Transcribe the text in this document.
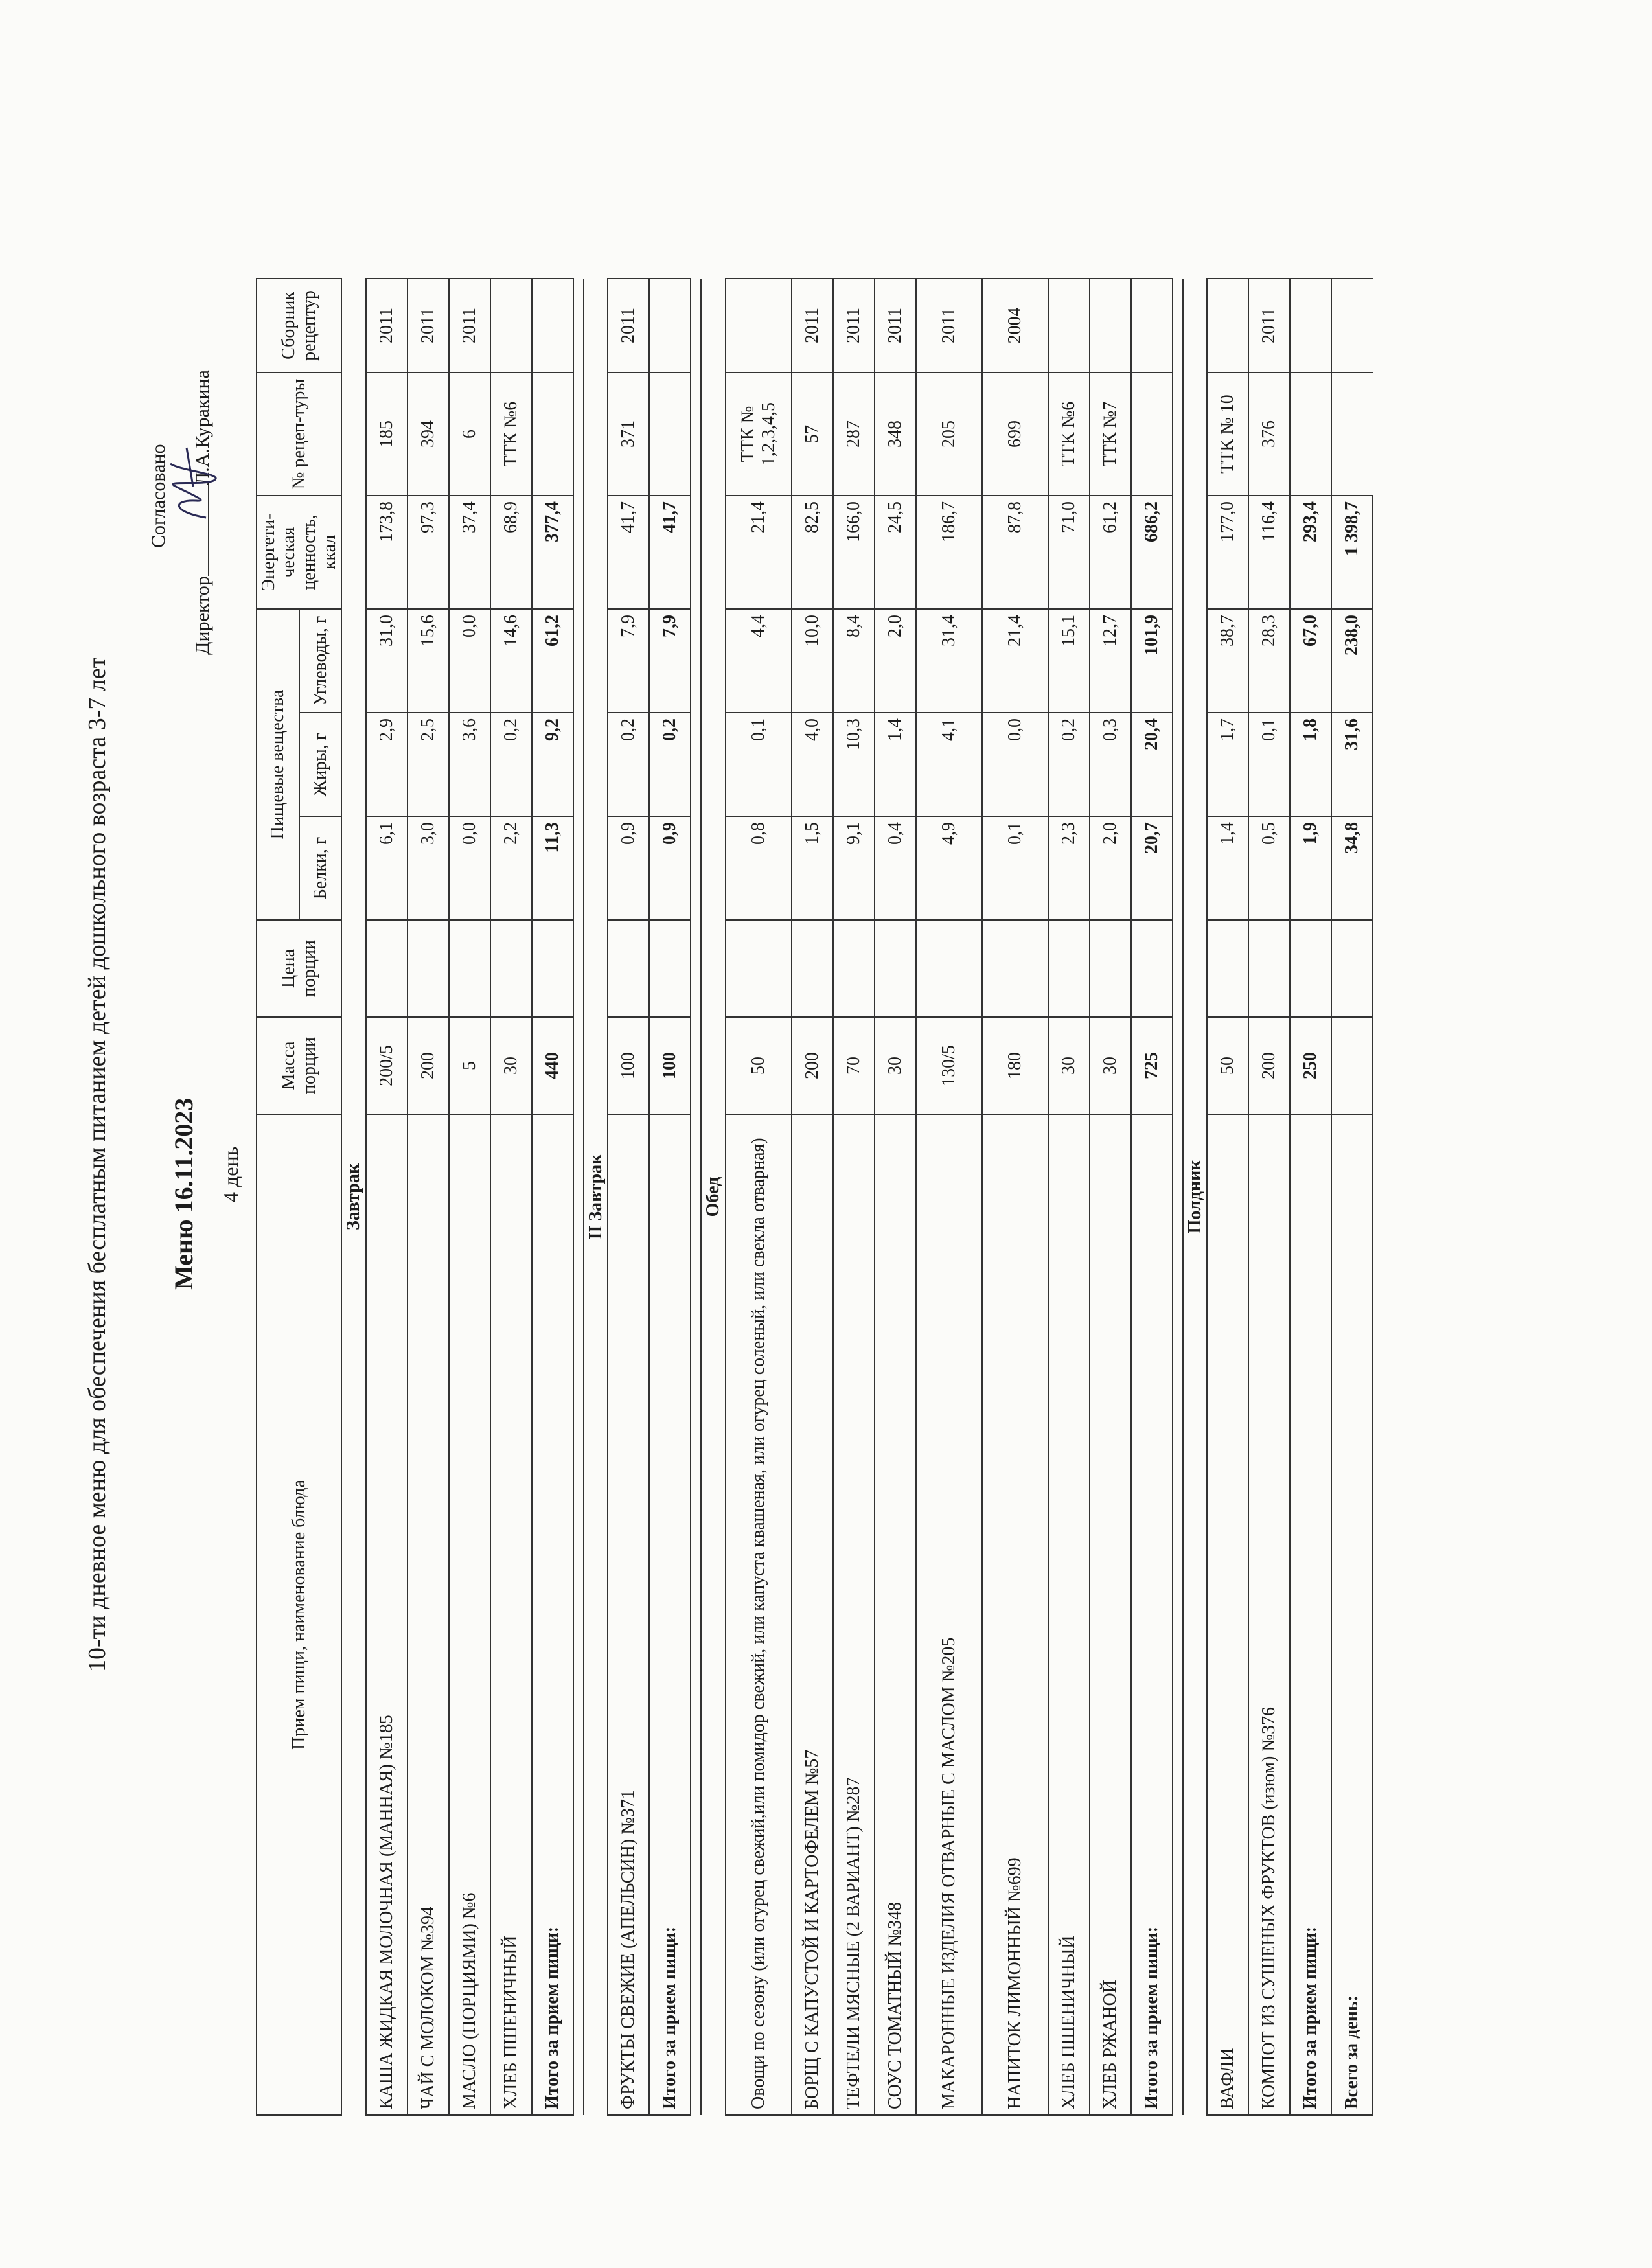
10-ти дневное меню для обеспечения бесплатным питанием детей дошкольного возраста 3-7 лет Меню 16.11.2023 4 день
Согласовано
ДиректорЛ.А.Куракина
Прием пищи, наименование блюда	Масса порции	Цена порции	Пищевые вещества			Энергети-ческая ценность, ккал	№ рецеп-туры	Сборник рецептур
			Белки, г	Жиры, г	Углеводы, г			
Завтрак								
КАША ЖИДКАЯ МОЛОЧНАЯ (МАННАЯ) №185	200/5		6,1	2,9	31,0	173,8	185	2011
ЧАЙ С МОЛОКОМ №394	200		3,0	2,5	15,6	97,3	394	2011
МАСЛО (ПОРЦИЯМИ) №6	5		0,0	3,6	0,0	37,4	6	2011
ХЛЕБ ПШЕНИЧНЫЙ	30		2,2	0,2	14,6	68,9	ТТК №6	
Итого за прием пищи:	440		11,3	9,2	61,2	377,4		

II Завтрак								
ФРУКТЫ СВЕЖИЕ (АПЕЛЬСИН) №371	100		0,9	0,2	7,9	41,7	371	2011
Итого за прием пищи:	100		0,9	0,2	7,9	41,7		

Обед								
Овощи по сезону (или огурец свежий,или помидор свежий, или капуста квашеная, или огурец соленый, или свекла отварная)	50		0,8	0,1	4,4	21,4	ТТК № 1,2,3,4,5	
БОРЩ С КАПУСТОЙ И КАРТОФЕЛЕМ №57	200		1,5	4,0	10,0	82,5	57	2011
ТЕФТЕЛИ МЯСНЫЕ (2 ВАРИАНТ) №287	70		9,1	10,3	8,4	166,0	287	2011
СОУС ТОМАТНЫЙ №348	30		0,4	1,4	2,0	24,5	348	2011
МАКАРОННЫЕ ИЗДЕЛИЯ ОТВАРНЫЕ С МАСЛОМ №205	130/5		4,9	4,1	31,4	186,7	205	2011
НАПИТОК ЛИМОННЫЙ №699	180		0,1	0,0	21,4	87,8	699	2004
ХЛЕБ ПШЕНИЧНЫЙ	30		2,3	0,2	15,1	71,0	ТТК №6	
ХЛЕБ РЖАНОЙ	30		2,0	0,3	12,7	61,2	ТТК №7	
Итого за прием пищи:	725		20,7	20,4	101,9	686,2		

Полдник								
ВАФЛИ	50		1,4	1,7	38,7	177,0	ТТК № 10	
КОМПОТ ИЗ СУШЕНЫХ ФРУКТОВ (изюм) №376	200		0,5	0,1	28,3	116,4	376	2011
Итого за прием пищи:	250		1,9	1,8	67,0	293,4		
Всего за день:			34,8	31,6	238,0	1 398,7		
